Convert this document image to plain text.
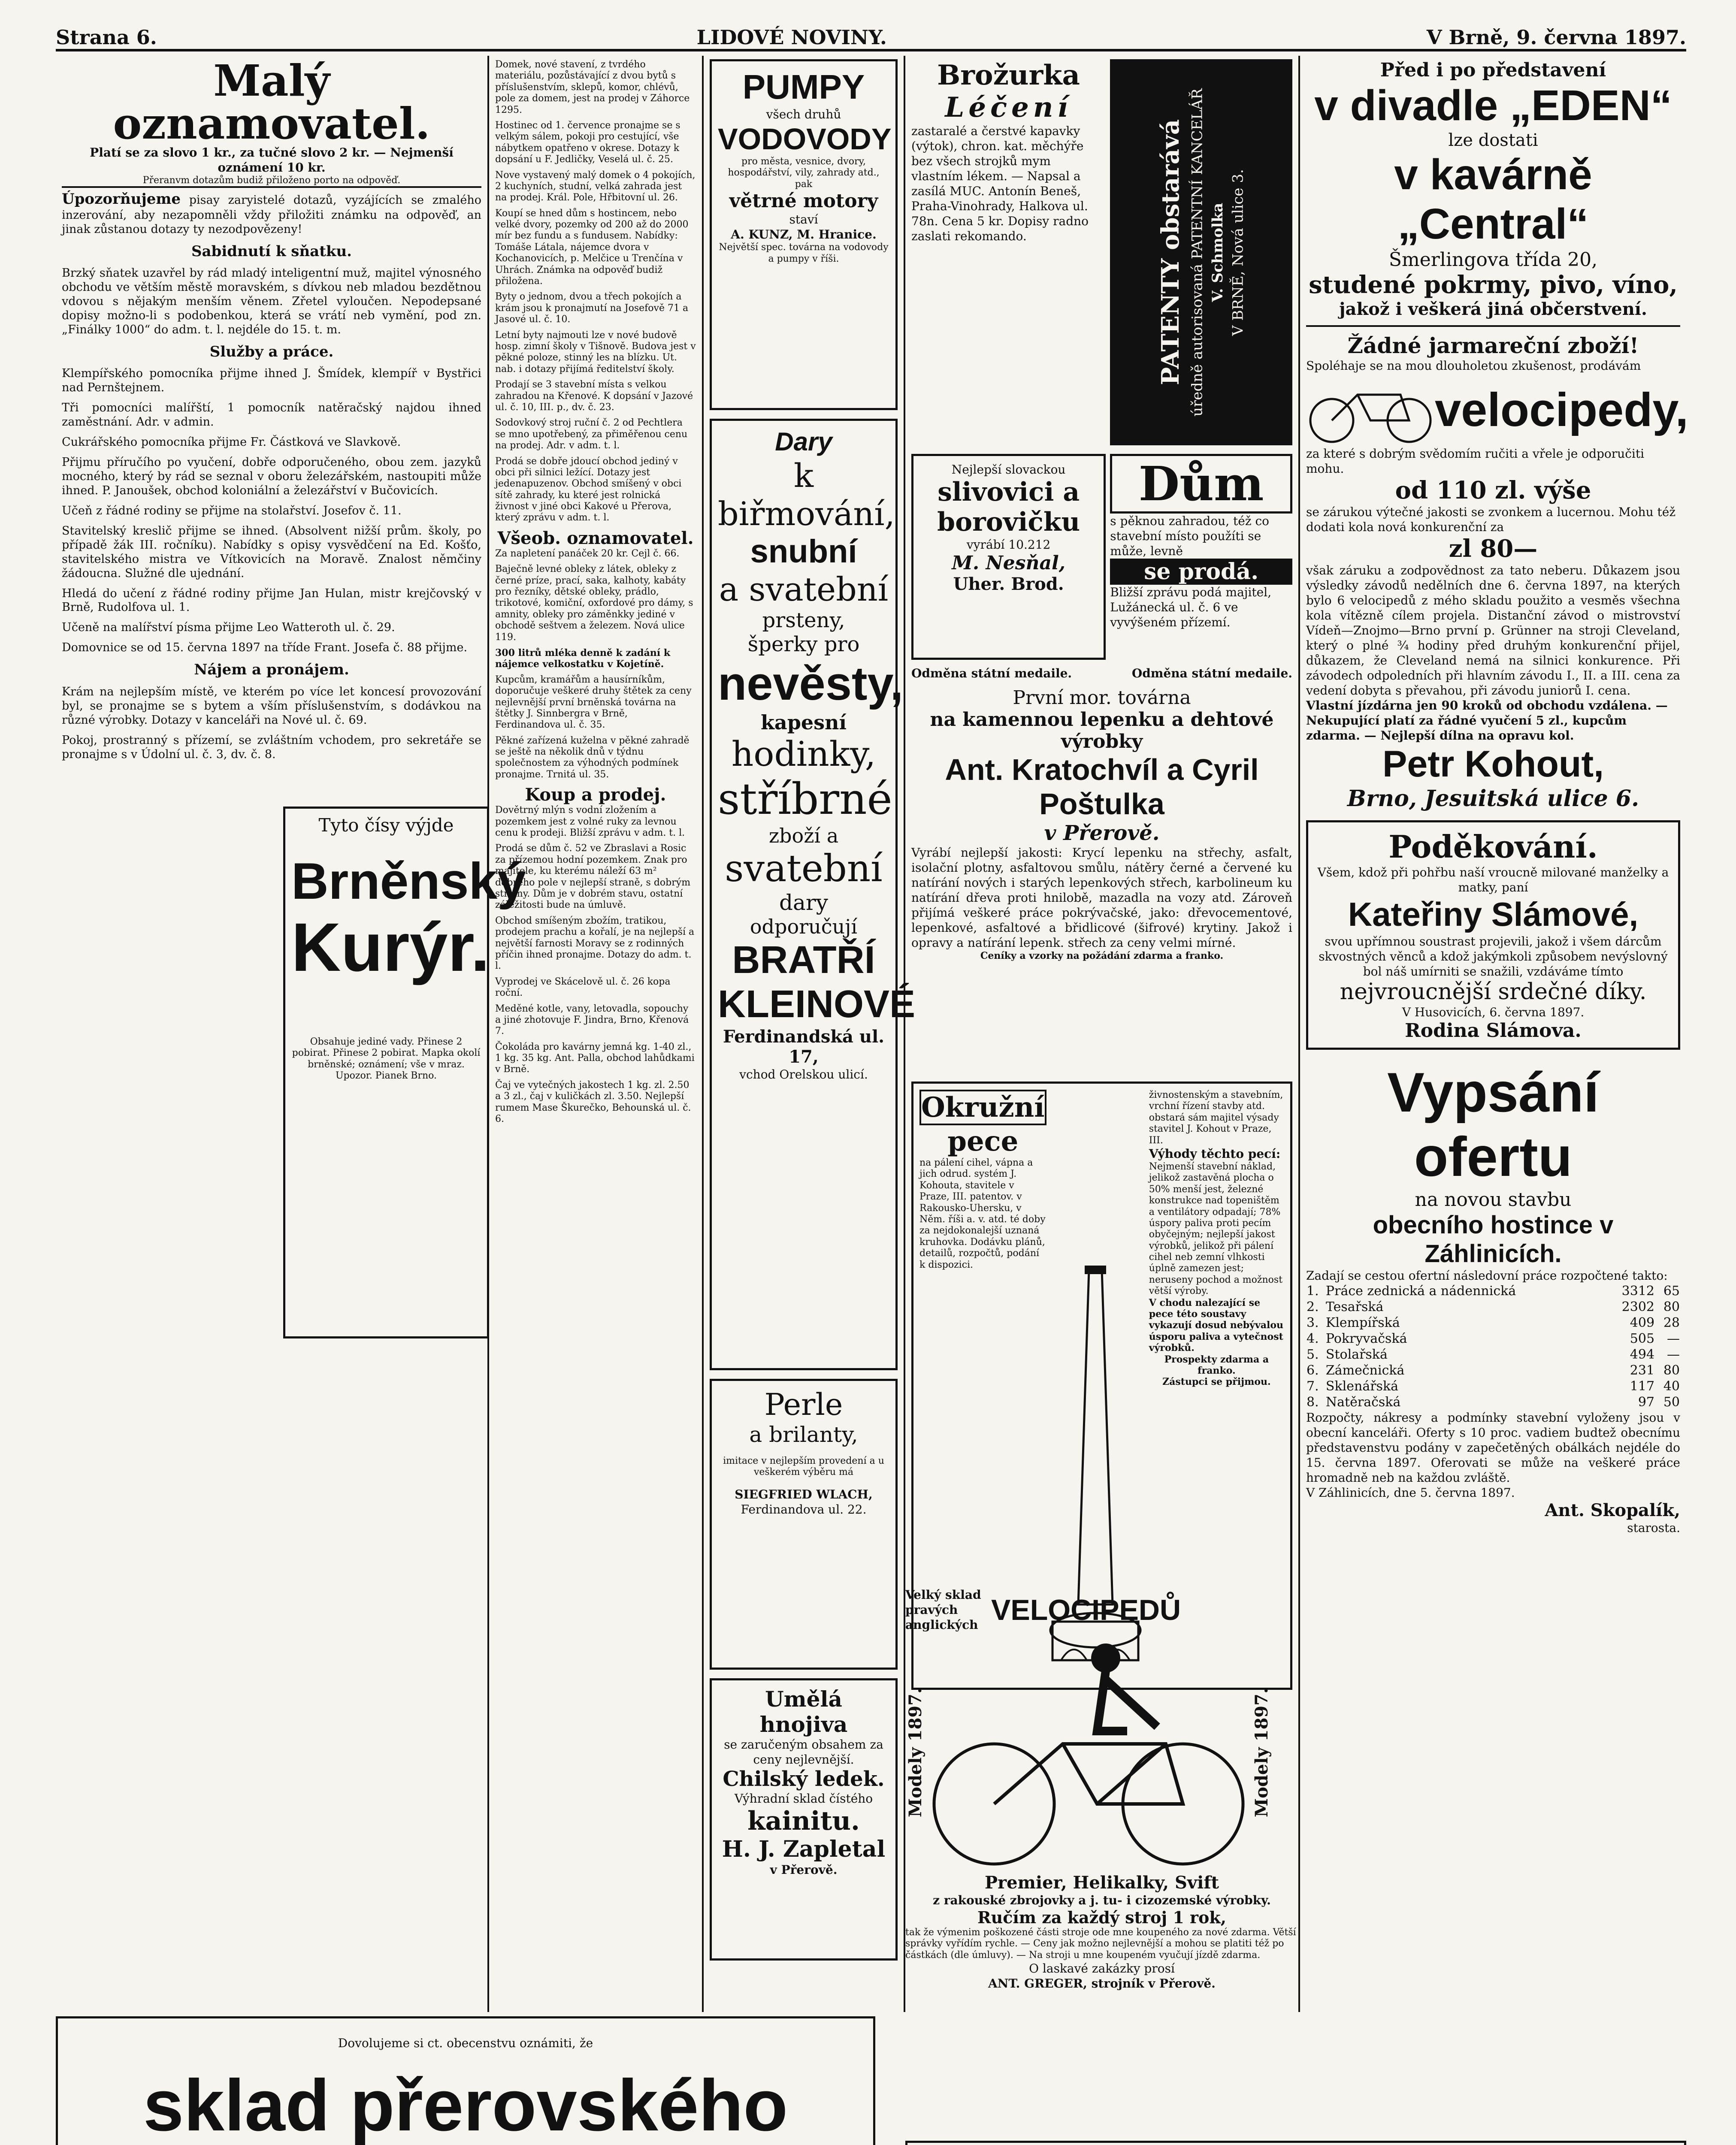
Strana 6.	LIDOVÉ NOVINY.	V Brně, 9. června 1897.
Malý oznamovatel.
Platí se za slovo 1 kr., za tučné slovo 2 kr. — Nejmenší oznámení 10 kr.
Přeranvm dotazům budiž přiloženo porto na odpověď.
Úpozorňujeme pisay zaryistelé dotazů, vyzájících se zmalého inzerování, aby nezapomněli vždy přiložiti známku na odpověď, an jinak zůstanou dotazy ty nezodpovězeny!
Sabidnutí k sňatku.
Brzký sňatek uzavřel by rád mladý inteligentní muž, majitel výnosného obchodu ve větším městě moravském, s dívkou neb mladou bezdětnou vdovou s nějakým menším věnem. Zřetel vyloučen. Nepodepsané dopisy možno-li s podobenkou, která se vrátí neb vymění, pod zn. „Finálky 1000“ do adm. t. l. nejdéle do 15. t. m.
Služby a práce.
Klempířského pomocníka přijme ihned J. Šmídek, klempíř v Bystřici nad Pernštejnem.
Tři pomocníci malířští, 1 pomocník natěračský najdou ihned zaměstnání. Adr. v admin.
Cukrářského pomocníka přijme Fr. Částková ve Slavkově.
Přijmu příručího po vyučení, dobře odporučeného, obou zem. jazyků mocného, který by rád se seznal v oboru železářském, nastoupiti může ihned. P. Janoušek, obchod koloniální a železářství v Bučovicích.
Učeň z řádné rodiny se přijme na stolařství. Josefov č. 11.
Stavitelský kreslič přijme se ihned. (Absolvent nižší prům. školy, po případě žák III. ročníku). Nabídky s opisy vysvědčení na Ed. Košťo, stavitelského mistra ve Vítkovicích na Moravě. Znalost němčiny žádoucna. Služné dle ujednání.
Hledá do učení z řádné rodiny přijme Jan Hulan, mistr krejčovský v Brně, Rudolfova ul. 1.
Učeně na malířství písma přijme Leo Watteroth ul. č. 29.
Domovnice se od 15. června 1897 na tříde Frant. Josefa č. 88 přijme.
Nájem a pronájem.
Krám na nejlepším místě, ve kterém po více let koncesí provozování byl, se pronajme se s bytem a vším příslušenstvím, s dodávkou na různé výrobky. Dotazy v kanceláři na Nové ul. č. 69.
Pokoj, prostranný s přízemí, se zvláštním vchodem, pro sekretáře se pronajme s v Údolní ul. č. 3, dv. č. 8.
Domek, nové stavení, z tvrdého materiálu, pozůstávající z dvou bytů s příslušenstvím, sklepů, komor, chlévů, pole za domem, jest na prodej v Záhorce 1295.
Hostinec od 1. července pronajme se s velkým sálem, pokoji pro cestující, vše nábytkem opatřeno v okrese. Dotazy k dopsání u F. Jedličky, Veselá ul. č. 25.
Nove vystavený malý domek o 4 pokojích, 2 kuchyních, studní, velká zahrada jest na prodej. Král. Pole, Hřbitovní ul. 26.
Koupí se hned dům s hostincem, nebo velké dvory, pozemky od 200 až do 2000 mír bez fundu a s fundusem. Nabídky: Tomáše Látala, nájemce dvora v Kochanovicích, p. Melčice u Trenčína v Uhrách. Známka na odpověď budiž přiložena.
Byty o jednom, dvou a třech pokojích a krám jsou k pronajmutí na Josefově 71 a Jasové ul. č. 10.
Letní byty najmouti lze v nové budově hosp. zimní školy v Tišnově. Budova jest v pěkné poloze, stinný les na blízku. Ut. nab. i dotazy přijímá ředitelství školy.
Prodají se 3 stavební místa s velkou zahradou na Křenové. K dopsání v Jazové ul. č. 10, III. p., dv. č. 23.
Sodovkový stroj ruční č. 2 od Pechtlera se mno upotřebený, za přiměřenou cenu na prodej. Adr. v adm. t. l.
Prodá se dobře jdoucí obchod jediný v obci při silnici ležící. Dotazy jest jedenapuzenov. Obchod smíšený v obci sítě zahrady, ku které jest rolnická živnost v jiné obci Kakové u Přerova, který zprávu v adm. t. l.
Všeob. oznamovatel.
Za napletení panáček 20 kr. Cejl č. 66.
Baječně levné obleky z látek, obleky z černé príze, prací, saka, kalhoty, kabáty pro řezníky, dětské obleky, prádlo, trikotové, komiční, oxfordové pro dámy, s amnity, obleky pro záměnkky jediné v obchodě seštvem a železem. Nová ulice 119.
300 litrů mléka denně k zadání k nájemce velkostatku v Kojetíně.
Kupcům, kramářům a hausírníkům, doporučuje veškeré druhy štětek za ceny nejlevnější první brněnská továrna na štětky J. Sinnbergra v Brně, Ferdinandova ul. č. 35.
Pěkné zařízená kuželna v pěkné zahradě se ještě na několik dnů v týdnu společnostem za výhodných podmínek pronajme. Trnitá ul. 35.
Koup a prodej.
Dovětrný mlýn s vodní zložením a pozemkem jest z volné ruky za levnou cenu k prodeji. Bližší zprávu v adm. t. l.
Prodá se dům č. 52 ve Zbraslavi a Rosic za přízemou hodní pozemkem. Znak pro majitele, ku kterému náleží 63 m² dobrého pole v nejlepší straně, s dobrým stromy. Dům je v dobrém stavu, ostatní záležitosti bude na úmluvě.
Obchod smíšeným zbožím, tratikou, prodejem prachu a kořalí, je na nejlepší a největší farnosti Moravy se z rodinných příčin ihned pronajme. Dotazy do adm. t. l.
Vyprodej ve Skácelově ul. č. 26 kopa roční.
Meděné kotle, vany, letovadla, sopouchy a jiné zhotovuje F. Jindra, Brno, Křenová 7.
Čokoláda pro kavárny jemná kg. 1-40 zl., 1 kg. 35 kg. Ant. Palla, obchod lahůdkami v Brně.
Čaj ve vytečných jakostech 1 kg. zl. 2.50 a 3 zl., čaj v kuličkách zl. 3.50. Nejlepší rumem Mase Škurečko, Behounská ul. č. 6.
Tyto čísy výjde
Brněnský
Kurýr.
Obsahuje jediné vady. Přinese 2 pobirat. Přinese 2 pobirat. Mapka okolí brněnské; oznámení; vše v mraz. Upozor. Pianek Brno.
PUMPY
všech druhů
VODOVODY
pro města, vesnice, dvory, hospodářství, vily, zahrady atd., pak
větrné motory
staví
A. KUNZ, M. Hranice.
Největší spec. továrna na vodovody a pumpy v říši.
Dary
k biřmování,
snubní
a svatební
prsteny,
šperky pro
nevěsty,
kapesní
hodinky,
stříbrné
zboží a
svatební
dary
odporučují
BRATŘÍ
KLEINOVÉ
Ferdinandská ul. 17,
vchod Orelskou ulicí.
Perle
a brilanty,
imitace v nejlepším provedení a u veškerém výběru má
SIEGFRIED WLACH,
Ferdinandova ul. 22.
Umělá hnojiva
se zaručeným obsahem za ceny nejlevnější.
Chilský ledek.
Výhradní sklad čístého
kainitu.
H. J. Zapletal
v Přerově.
Brožurka
Léčení
zastaralé a čerstvé kapavky (výtok), chron. kat. měchýře bez všech strojků mym vlastním lékem. — Napsal a zasílá MUC. Antonín Beneš, Praha-Vinohrady, Halkova ul. 78n. Cena 5 kr. Dopisy radno zaslati rekomando.	PATENTY obstarává úředně autorisovaná PATENTNÍ KANCELÁŘ V. Schmolka V BRNĚ, Nová ulice 3.
Nejlepší slovackou
slivovici a
borovičku
vyrábí 10.212
M. Nesňal,
Uher. Brod.
Dům
s pěknou zahradou, též co stavební místo použíti se může, levně
se prodá.
Bližší zprávu podá majitel, Lužánecká ul. č. 6 ve vyvýšeném přízemí.
Odměna státní medaile.	Odměna státní medaile.
První mor. továrna
na kamennou lepenku a dehtové výrobky
Ant. Kratochvíl a Cyril Poštulka
v Přerově.
Vyrábí nejlepší jakosti: Krycí lepenku na střechy, asfalt, isolační plotny, asfaltovou smůlu, nátěry černé a červené ku natírání nových i starých lepenkových střech, karbolineum ku natírání dřeva proti hnilobě, mazadla na vozy atd. Zároveň přijímá veškeré práce pokrývačské, jako: dřevocementové, lepenkové, asfaltové a břidlicové (šifrové) krytiny. Jakož i opravy a natírání lepenk. střech za ceny velmi mírné.
Ceníky a vzorky na požádání zdarma a franko.
Okružní
pece
na pálení cihel, vápna a jich odrud. systém J. Kohouta, stavitele v Praze, III. patentov. v Rakousko-Uhersku, v Něm. říši a. v. atd. té doby za nejdokonalejší uznaná kruhovka. Dodávku plánů, detailů, rozpočtů, podání k dispozici.
živnostenským a stavebním, vrchní řízení stavby atd. obstará sám majitel výsady stavitel J. Kohout v Praze, III.
Výhody těchto pecí:
Nejmenší stavební náklad, jelikož zastavěná plocha o 50% menší jest, železné konstrukce nad topeništěm a ventilátory odpadají; 78% úspory paliva proti pecím obyčejným; nejlepší jakost výrobků, jelikož při pálení cihel neb zemní vlhkosti úplně zamezen jest; neruseny pochod a možnost větší výroby.
V chodu nalezající se pece této soustavy vykazují dosud nebývalou úsporu paliva a vytečnost výrobků.
Prospekty zdarma a franko.
Zástupci se přijmou.
Velký sklad pravých anglických VELOCIPEDŮ
Modely 1897.	Modely 1897.
Premier, Helikalky, Svift
z rakouské zbrojovky a j. tu- i cizozemské výrobky.
Ručím za každý stroj 1 rok,
tak že výmenim poškozené části stroje ode mne koupeného za nové zdarma. Větší správky vyřídím rychle. — Ceny jak možno nejlevnější a mohou se platiti též po částkách (dle úmluvy). — Na stroji u mne koupeném vyučují jízdě zdarma.
O laskavé zakázky prosí
ANT. GREGER, strojník v Přerově.
Před i po představení
v divadle „EDEN“
lze dostati
v kavárně „Central“
Šmerlingova třída 20,
studené pokrmy, pivo, víno,
jakož i veškerá jiná občerstvení.
Žádné jarmareční zboží!
Spoléhaje se na mou dlouholetou zkušenost, prodávám
velocipedy,
za které s dobrým svědomím ručiti a vřele je odporučiti mohu.
od 110 zl. výše
se zárukou výtečné jakosti se zvonkem a lucernou. Mohu též dodati kola nová konkurenční za
zl 80—
však záruku a zodpovědnost za tato neberu. Důkazem jsou výsledky závodů nedělních dne 6. června 1897, na kterých bylo 6 velocipedů z mého skladu použito a vesměs všechna kola vítězně cílem projela. Distanční závod o mistrovství Vídeň—Znojmo—Brno první p. Grünner na stroji Cleveland, který o plné ¾ hodiny před druhým konkurenční přijel, důkazem, že Cleveland nemá na silnici konkurence. Při závodech odpoledních při hlavním závodu I., II. a III. cena za vedení dobyta s převahou, při závodu juniorů I. cena.
Vlastní jízdárna jen 90 kroků od obchodu vzdálena. — Nekupující platí za řádné vyučení 5 zl., kupcům zdarma. — Nejlepší dílna na opravu kol.
Petr Kohout,
Brno, Jesuitská ulice 6.
Poděkování.
Všem, kdož při pohřbu naší vroucně milované manželky a matky, paní
Kateřiny Slámové,
svou upřímnou soustrast projevili, jakož i všem dárcům skvostných věnců a kdož jakýmkoli způsobem nevýslovný bol náš umírniti se snažili, vzdáváme tímto
nejvroucnější srdečné díky.
V Husovicích, 6. června 1897.
Rodina Slámova.
Vypsání ofertu
na novou stavbu
obecního hostince v Záhlinicích.
Zadají se cestou ofertní následovní práce rozpočtené takto:
1.	Práce zednická a nádennická	3312	65
2.	Tesařská	2302	80
3.	Klempířská	409	28
4.	Pokryvačská	505	—
5.	Stolařská	494	—
6.	Zámečnická	231	80
7.	Sklenářská	117	40
8.	Natěračská	97	50
Rozpočty, nákresy a podmínky stavební vyloženy jsou v obecní kanceláři. Oferty s 10 proc. vadiem budtež obecnímu představenstvu podány v zapečetěných obálkách nejdéle do 15. června 1897. Oferovati se může na veškeré práce hromadně neb na každou zvláště.
V Záhlinicích, dne 5. června 1897.
Ant. Skopalík,
starosta.
Dovolujeme si ct. obecenstvu oznámiti, že
sklad přerovského
